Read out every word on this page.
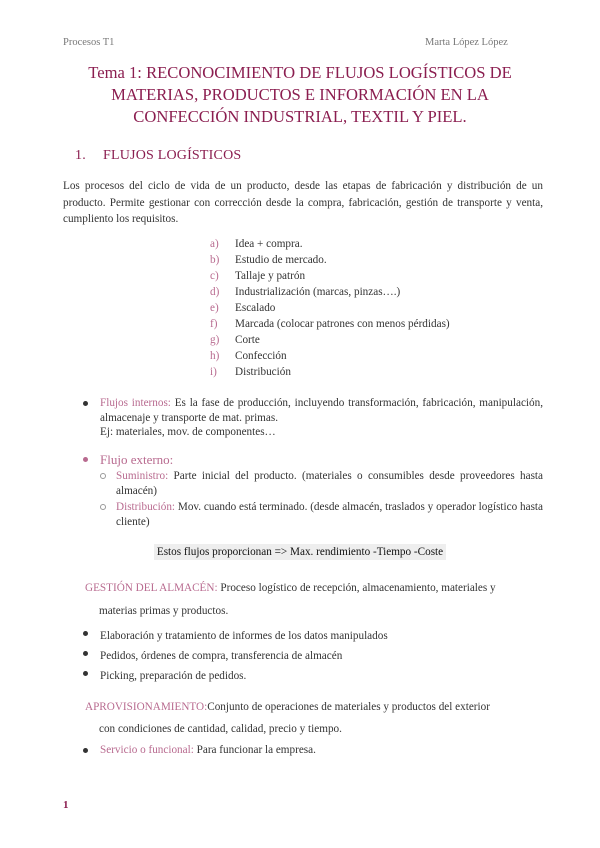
Procesos T1	Marta López López
Tema 1: RECONOCIMIENTO DE FLUJOS LOGÍSTICOS DE MATERIAS, PRODUCTOS E INFORMACIÓN EN LA CONFECCIÓN INDUSTRIAL, TEXTIL Y PIEL.
1. FLUJOS LOGÍSTICOS
Los procesos del ciclo de vida de un producto, desde las etapas de fabricación y distribución de un producto. Permite gestionar con corrección desde la compra, fabricación, gestión de transporte y venta, cumpliento los requisitos.
a)	Idea + compra.
b)	Estudio de mercado.
c)	Tallaje y patrón
d)	Industrialización (marcas, pinzas….)
e)	Escalado
f)	Marcada (colocar patrones con menos pérdidas)
g)	Corte
h)	Confección
i)	Distribución
Flujos internos: Es la fase de producción, incluyendo transformación, fabricación, manipulación, almacenaje y transporte de mat. primas.
Ej: materiales, mov. de componentes…
Flujo externo:
Suministro: Parte inicial del producto. (materiales o consumibles desde proveedores hasta almacén)
Distribución: Mov. cuando está terminado. (desde almacén, traslados y operador logístico hasta cliente)
Estos flujos proporcionan => Max. rendimiento -Tiempo -Coste
GESTIÓN DEL ALMACÉN: Proceso logístico de recepción, almacenamiento, materiales y
materias primas y productos.
Elaboración y tratamiento de informes de los datos manipulados
Pedidos, órdenes de compra, transferencia de almacén
Picking, preparación de pedidos.
APROVISIONAMIENTO:Conjunto de operaciones de materiales y productos del exterior
con condiciones de cantidad, calidad, precio y tiempo.
Servicio o funcional: Para funcionar la empresa.
1
